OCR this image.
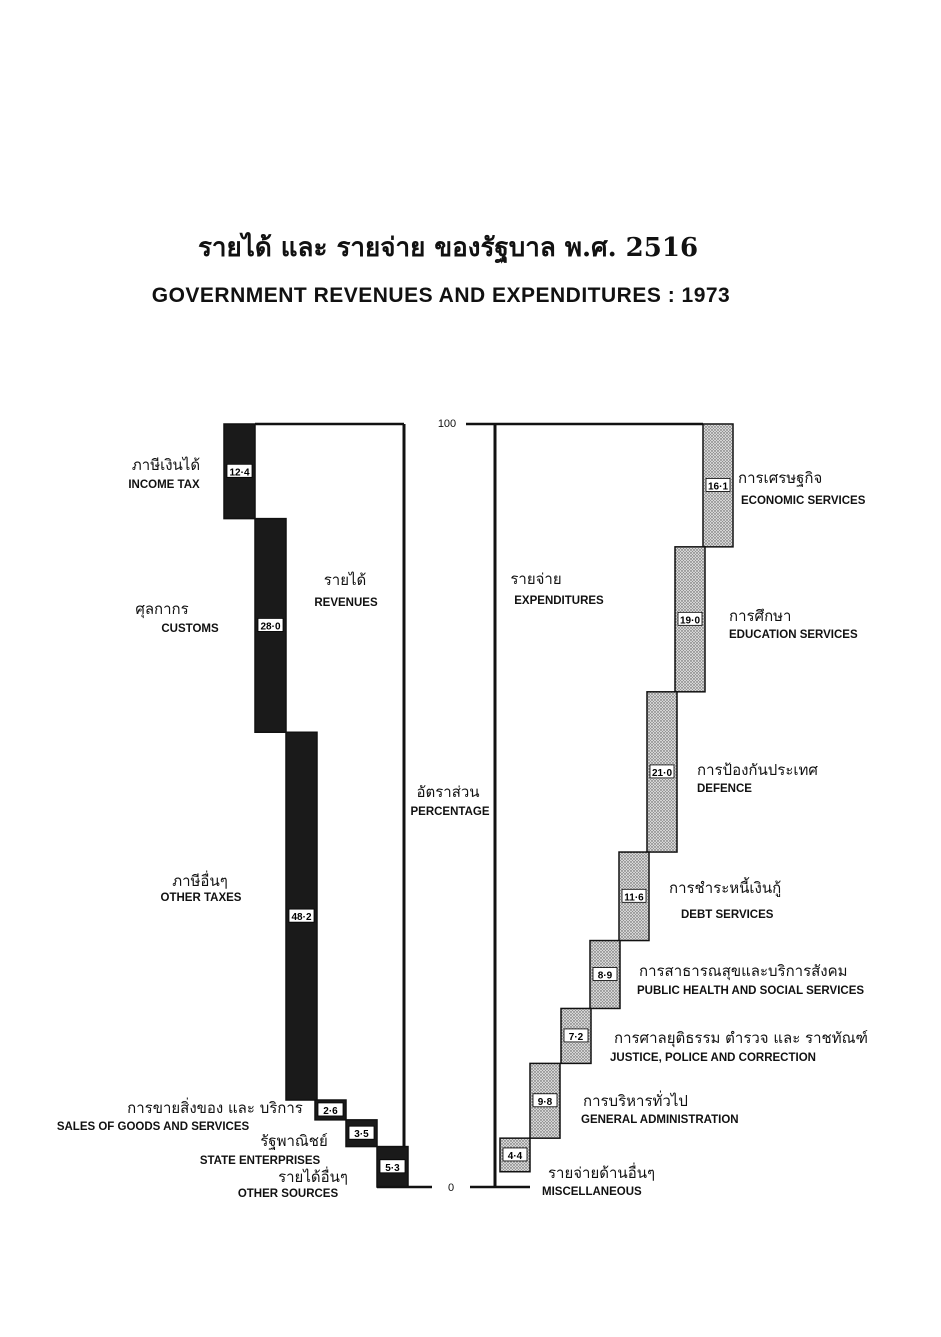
รายได้ และ รายจ่าย ของรัฐบาล พ.ศ. 2516
GOVERNMENT REVENUES AND EXPENDITURES : 1973
รายได้
REVENUES
รายจ่าย
EXPENDITURES
อัตราส่วน
PERCENTAGE
100
0
12·4
ภาษีเงินได้
INCOME TAX
28·0
ศุลกากร
CUSTOMS
48·2
ภาษีอื่นๆ
OTHER TAXES
2·6
การขายสิ่งของ และ บริการ
SALES OF GOODS AND SERVICES
3·5
รัฐพาณิชย์
STATE ENTERPRISES
5·3
รายได้อื่นๆ
OTHER SOURCES
16·1 การเศรษฐกิจ
ECONOMIC SERVICES
19·0 การศึกษา
EDUCATION SERVICES
21·0 การป้องกันประเทศ
DEFENCE
11·6
การชำระหนี้เงินกู้
DEBT SERVICES
8·9 การสาธารณสุขและบริการสังคม
PUBLIC HEALTH AND SOCIAL SERVICES
7·2 การศาลยุติธรรม ตำรวจ และ ราชทัณฑ์
JUSTICE, POLICE AND CORRECTION
9·8 การบริหารทั่วไป
GENERAL ADMINISTRATION
4·4
รายจ่ายด้านอื่นๆ
MISCELLANEOUS
